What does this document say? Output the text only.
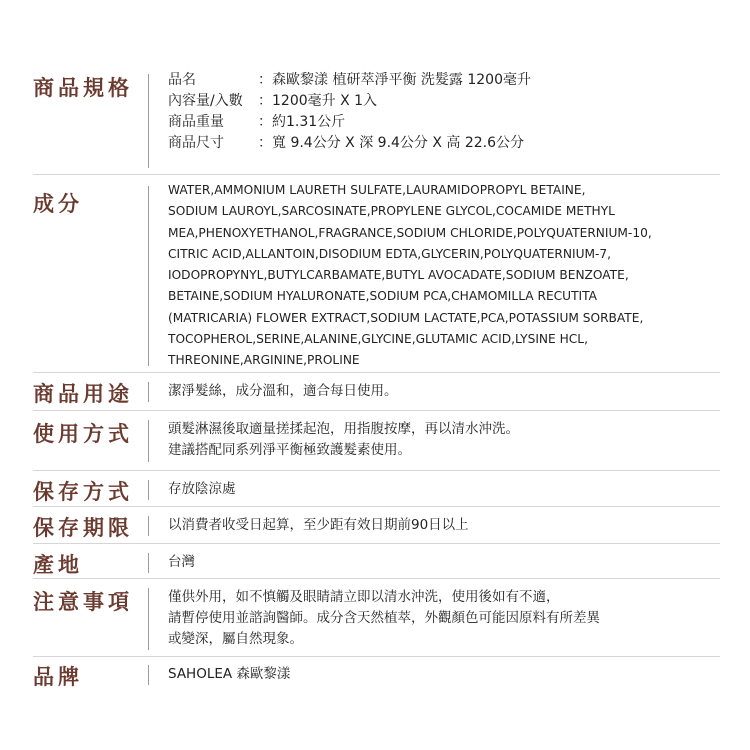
商品規格	品名	：森歐黎漾 植研萃淨平衡 洗髮露 1200毫升
內容量/入數	：1200毫升 X 1入
商品重量	：約1.31公斤
商品尺寸	：寬 9.4公分 X 深 9.4公分 X 高 22.6公分
成分
WATER,AMMONIUM LAURETH SULFATE,LAURAMIDOPROPYL BETAINE,
SODIUM LAUROYL,SARCOSINATE,PROPYLENE GLYCOL,COCAMIDE METHYL
MEA,PHENOXYETHANOL,FRAGRANCE,SODIUM CHLORIDE,POLYQUATERNIUM-10,
CITRIC ACID,ALLANTOIN,DISODIUM EDTA,GLYCERIN,POLYQUATERNIUM-7,
IODOPROPYNYL,BUTYLCARBAMATE,BUTYL AVOCADATE,SODIUM BENZOATE,
BETAINE,SODIUM HYALURONATE,SODIUM PCA,CHAMOMILLA RECUTITA
(MATRICARIA) FLOWER EXTRACT,SODIUM LACTATE,PCA,POTASSIUM SORBATE,
TOCOPHEROL,SERINE,ALANINE,GLYCINE,GLUTAMIC ACID,LYSINE HCL,
THREONINE,ARGININE,PROLINE
商品用途	潔淨髮絲，成分溫和，適合每日使用。
使用方式	頭髮淋濕後取適量搓揉起泡，用指腹按摩，再以清水沖洗。
建議搭配同系列淨平衡極致護髮素使用。
保存方式	存放陰涼處
保存期限	以消費者收受日起算，至少距有效日期前90日以上
產地	台灣
注意事項	僅供外用，如不慎觸及眼睛請立即以清水沖洗，使用後如有不適，
請暫停使用並諮詢醫師。成分含天然植萃，外觀顏色可能因原料有所差異
或變深，屬自然現象。
品牌	SAHOLEA 森歐黎漾
